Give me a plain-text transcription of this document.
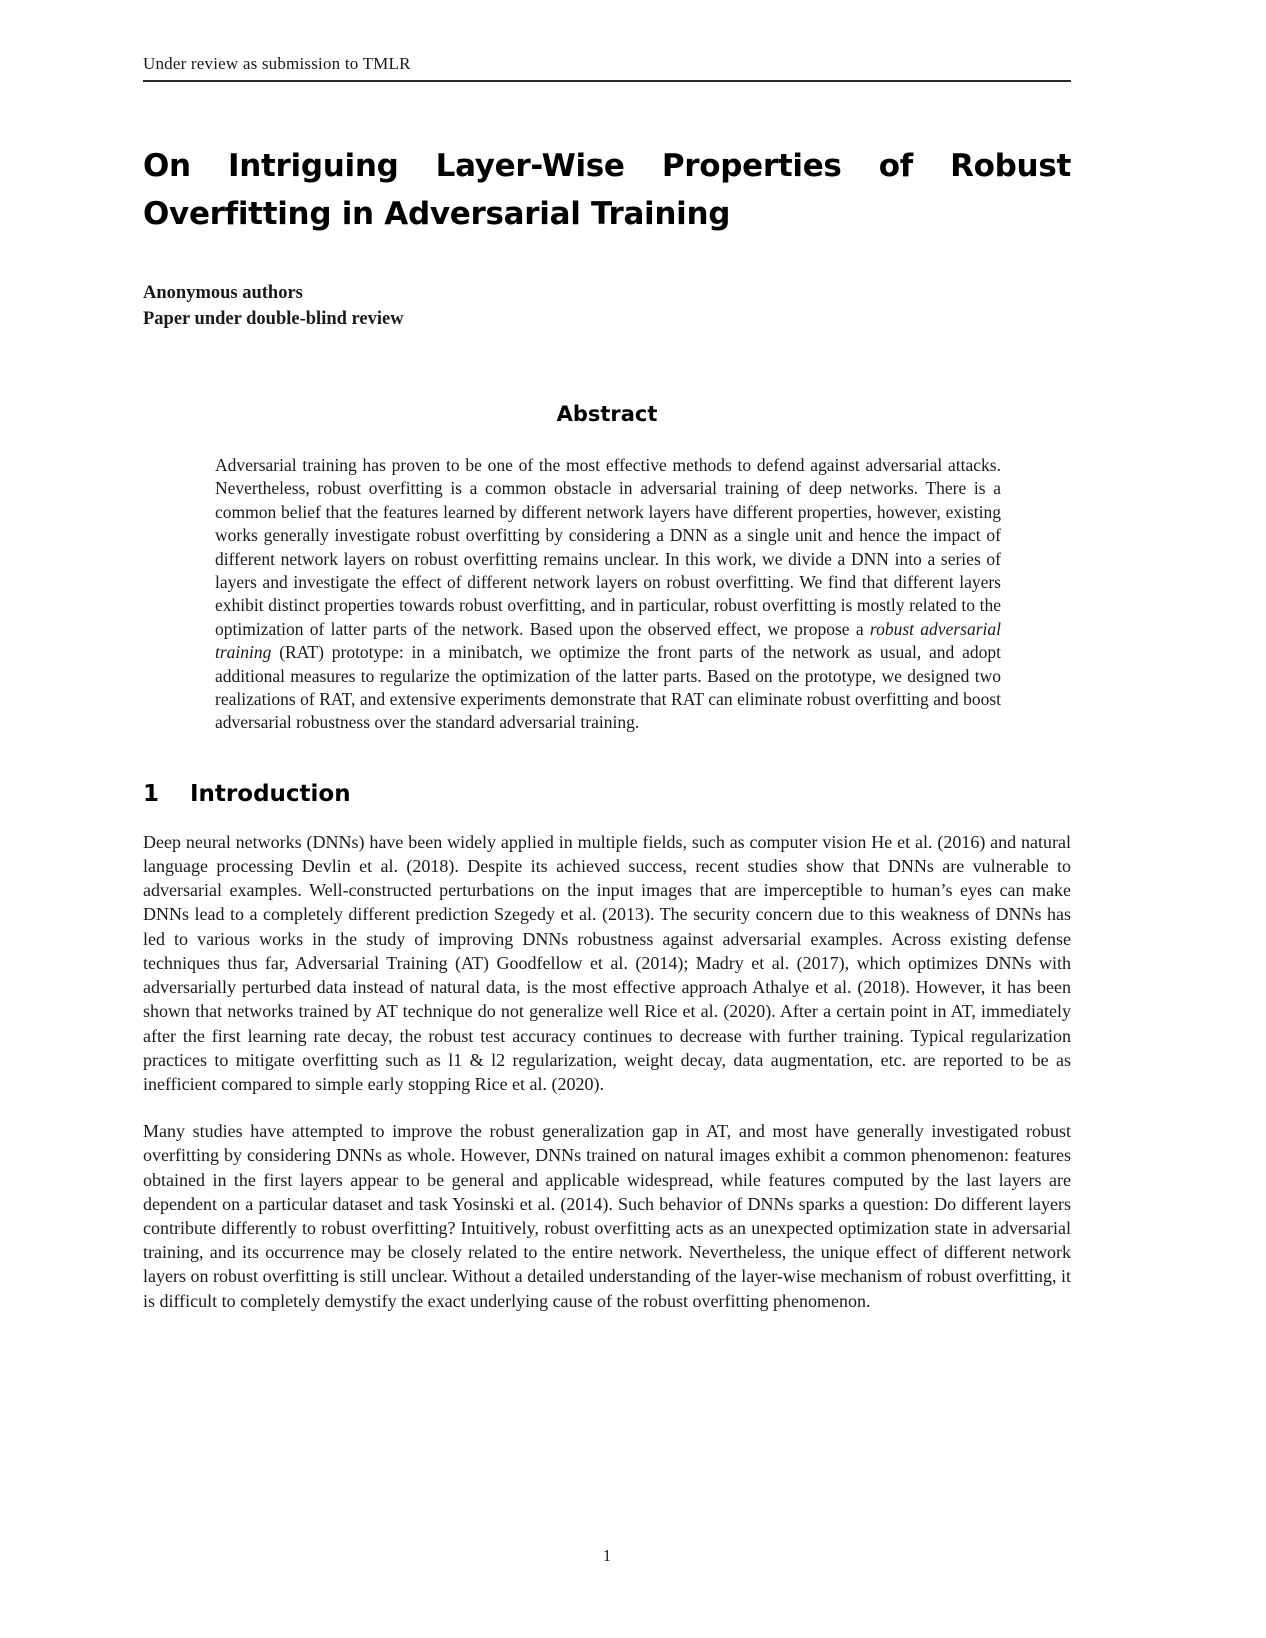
Under review as submission to TMLR
On Intriguing Layer-Wise Properties of Robust Overfitting in Adversarial Training
Anonymous authors
Paper under double-blind review
Abstract

Adversarial training has proven to be one of the most effective methods to defend against adversarial attacks. Nevertheless, robust overfitting is a common obstacle in adversarial training of deep networks. There is a common belief that the features learned by different network layers have different properties, however, existing works generally investigate robust overfitting by considering a DNN as a single unit and hence the impact of different network layers on robust overfitting remains unclear. In this work, we divide a DNN into a series of layers and investigate the effect of different network layers on robust overfitting. We find that different layers exhibit distinct properties towards robust overfitting, and in particular, robust overfitting is mostly related to the optimization of latter parts of the network. Based upon the observed effect, we propose a robust adversarial training (RAT) prototype: in a minibatch, we optimize the front parts of the network as usual, and adopt additional measures to regularize the optimization of the latter parts. Based on the prototype, we designed two realizations of RAT, and extensive experiments demonstrate that RAT can eliminate robust overfitting and boost adversarial robustness over the standard adversarial training.

1 Introduction

Deep neural networks (DNNs) have been widely applied in multiple fields, such as computer vision He et al. (2016) and natural language processing Devlin et al. (2018). Despite its achieved success, recent studies show that DNNs are vulnerable to adversarial examples. Well-constructed perturbations on the input images that are imperceptible to human’s eyes can make DNNs lead to a completely different prediction Szegedy et al. (2013). The security concern due to this weakness of DNNs has led to various works in the study of improving DNNs robustness against adversarial examples. Across existing defense techniques thus far, Adversarial Training (AT) Goodfellow et al. (2014); Madry et al. (2017), which optimizes DNNs with adversarially perturbed data instead of natural data, is the most effective approach Athalye et al. (2018). However, it has been shown that networks trained by AT technique do not generalize well Rice et al. (2020). After a certain point in AT, immediately after the first learning rate decay, the robust test accuracy continues to decrease with further training. Typical regularization practices to mitigate overfitting such as l1 & l2 regularization, weight decay, data augmentation, etc. are reported to be as inefficient compared to simple early stopping Rice et al. (2020).

Many studies have attempted to improve the robust generalization gap in AT, and most have generally investigated robust overfitting by considering DNNs as whole. However, DNNs trained on natural images exhibit a common phenomenon: features obtained in the first layers appear to be general and applicable widespread, while features computed by the last layers are dependent on a particular dataset and task Yosinski et al. (2014). Such behavior of DNNs sparks a question: Do different layers contribute differently to robust overfitting? Intuitively, robust overfitting acts as an unexpected optimization state in adversarial training, and its occurrence may be closely related to the entire network. Nevertheless, the unique effect of different network layers on robust overfitting is still unclear. Without a detailed understanding of the layer-wise mechanism of robust overfitting, it is difficult to completely demystify the exact underlying cause of the robust overfitting phenomenon.

1
